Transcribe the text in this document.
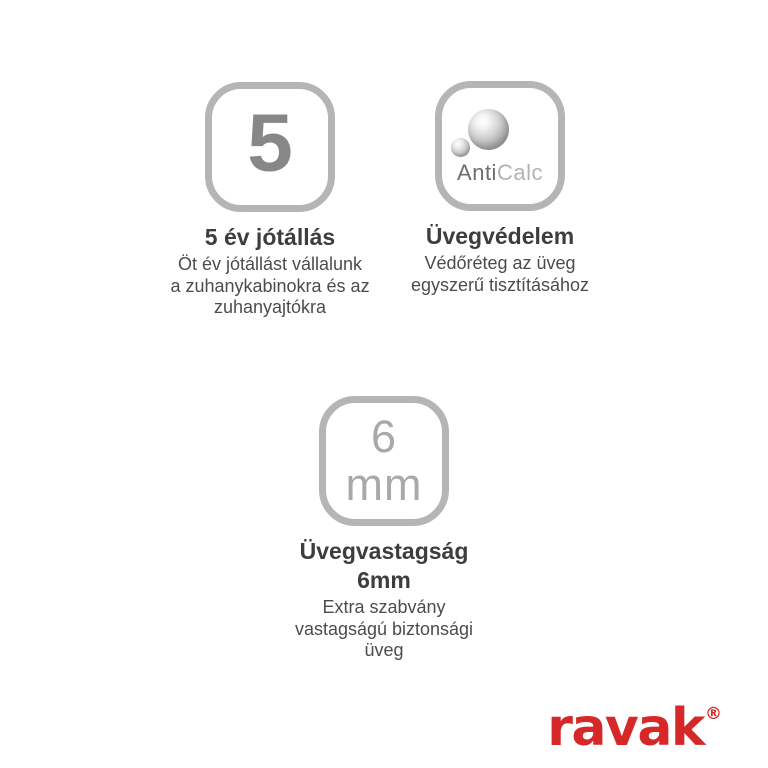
5
5 év jótállás
Öt év jótállást vállalunk
a zuhanykabinokra és az
zuhanyajtókra
AntiCalc
Üvegvédelem
Védőréteg az üveg
egyszerű tisztításához
6
mm
Üvegvastagság
6mm
Extra szabvány
vastagságú biztonsági
üveg
ravak®
